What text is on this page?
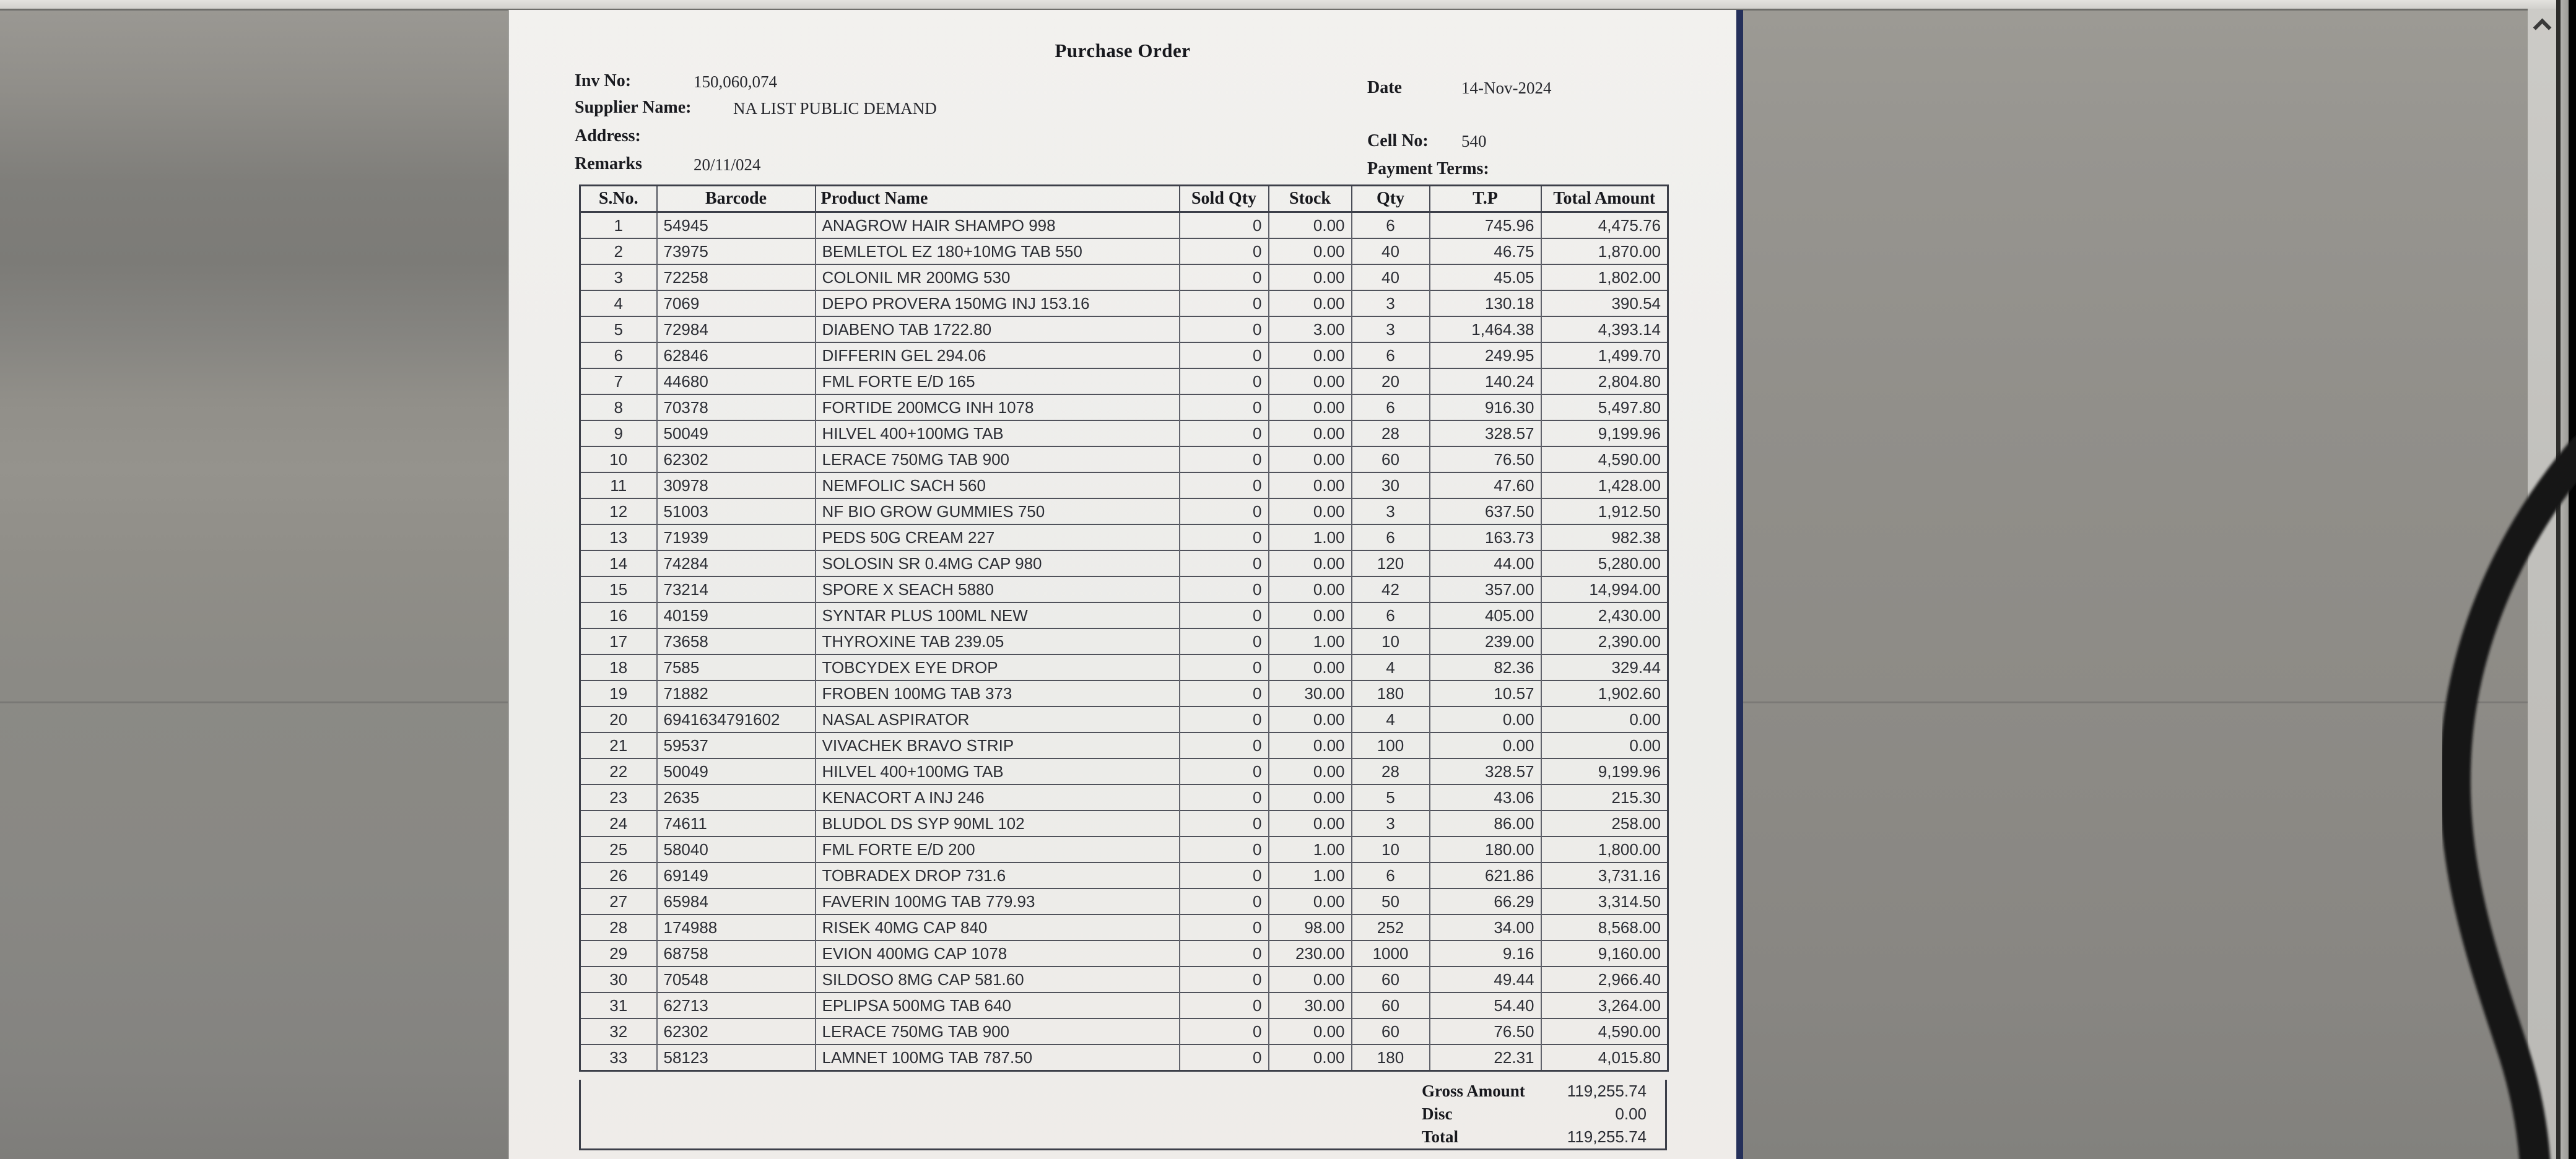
Purchase Order
Inv No:	150,060,074	Date	14-Nov-2024
Supplier Name:	NA LIST PUBLIC DEMAND
Address:	Cell No: 540
Remarks	20/11/024	Payment Terms:
S.No.	Barcode	Product Name	Sold Qty	Stock	Qty	T.P	Total Amount
1	54945	ANAGROW HAIR SHAMPO 998	0	0.00	6	745.96	4,475.76
2	73975	BEMLETOL EZ 180+10MG TAB 550	0	0.00	40	46.75	1,870.00
3	72258	COLONIL MR 200MG 530	0	0.00	40	45.05	1,802.00
4	7069	DEPO PROVERA 150MG INJ 153.16	0	0.00	3	130.18	390.54
5	72984	DIABENO TAB 1722.80	0	3.00	3	1,464.38	4,393.14
6	62846	DIFFERIN GEL 294.06	0	0.00	6	249.95	1,499.70
7	44680	FML FORTE E/D 165	0	0.00	20	140.24	2,804.80
8	70378	FORTIDE 200MCG INH 1078	0	0.00	6	916.30	5,497.80
9	50049	HILVEL 400+100MG TAB	0	0.00	28	328.57	9,199.96
10	62302	LERACE 750MG TAB 900	0	0.00	60	76.50	4,590.00
11	30978	NEMFOLIC SACH 560	0	0.00	30	47.60	1,428.00
12	51003	NF BIO GROW GUMMIES 750	0	0.00	3	637.50	1,912.50
13	71939	PEDS 50G CREAM 227	0	1.00	6	163.73	982.38
14	74284	SOLOSIN SR 0.4MG CAP 980	0	0.00	120	44.00	5,280.00
15	73214	SPORE X SEACH 5880	0	0.00	42	357.00	14,994.00
16	40159	SYNTAR PLUS 100ML NEW	0	0.00	6	405.00	2,430.00
17	73658	THYROXINE TAB 239.05	0	1.00	10	239.00	2,390.00
18	7585	TOBCYDEX EYE DROP	0	0.00	4	82.36	329.44
19	71882	FROBEN 100MG TAB 373	0	30.00	180	10.57	1,902.60
20	6941634791602	NASAL ASPIRATOR	0	0.00	4	0.00	0.00
21	59537	VIVACHEK BRAVO STRIP	0	0.00	100	0.00	0.00
22	50049	HILVEL 400+100MG TAB	0	0.00	28	328.57	9,199.96
23	2635	KENACORT A INJ 246	0	0.00	5	43.06	215.30
24	74611	BLUDOL DS SYP 90ML 102	0	0.00	3	86.00	258.00
25	58040	FML FORTE E/D 200	0	1.00	10	180.00	1,800.00
26	69149	TOBRADEX DROP 731.6	0	1.00	6	621.86	3,731.16
27	65984	FAVERIN 100MG TAB 779.93	0	0.00	50	66.29	3,314.50
28	174988	RISEK 40MG CAP 840	0	98.00	252	34.00	8,568.00
29	68758	EVION 400MG CAP 1078	0	230.00	1000	9.16	9,160.00
30	70548	SILDOSO 8MG CAP 581.60	0	0.00	60	49.44	2,966.40
31	62713	EPLIPSA 500MG TAB 640	0	30.00	60	54.40	3,264.00
32	62302	LERACE 750MG TAB 900	0	0.00	60	76.50	4,590.00
33	58123	LAMNET 100MG TAB 787.50	0	0.00	180	22.31	4,015.80
Gross Amount	119,255.74
Disc	0.00
Total	119,255.74
